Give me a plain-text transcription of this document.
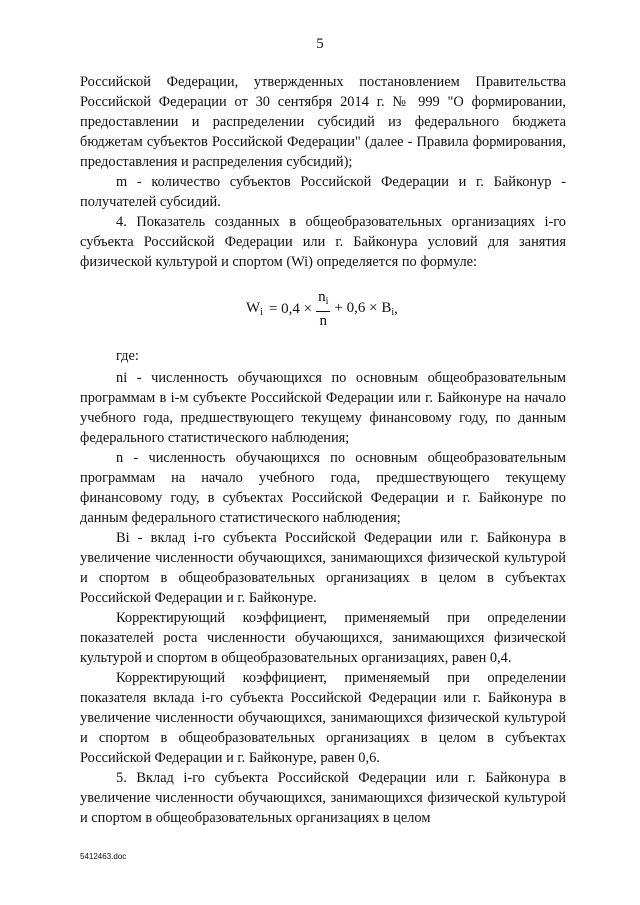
5

Российской Федерации, утвержденных постановлением Правительства Российской Федерации от 30 сентября 2014 г. № 999 "О формировании, предоставлении и распределении субсидий из федерального бюджета бюджетам субъектов Российской Федерации" (далее - Правила формирования, предоставления и распределения субсидий);

m - количество субъектов Российской Федерации и г. Байконур - получателей субсидий.

4. Показатель созданных в общеобразовательных организациях i-го субъекта Российской Федерации или г. Байконура условий для занятия физической культурой и спортом (Wi) определяется по формуле:

$W_i = 0,4 \times \frac{n_i}{n} + 0,6 \times B_i$ ,
где:

ni - численность обучающихся по основным общеобразовательным программам в i-м субъекте Российской Федерации или г. Байконуре на начало учебного года, предшествующего текущему финансовому году, по данным федерального статистического наблюдения;

n - численность обучающихся по основным общеобразовательным программам на начало учебного года, предшествующего текущему финансовому году, в субъектах Российской Федерации и г. Байконуре по данным федерального статистического наблюдения;

Bi - вклад i-го субъекта Российской Федерации или г. Байконура в увеличение численности обучающихся, занимающихся физической культурой и спортом в общеобразовательных организациях в целом в субъектах Российской Федерации и г. Байконуре.

Корректирующий коэффициент, применяемый при определении показателей роста численности обучающихся, занимающихся физической культурой и спортом в общеобразовательных организациях, равен 0,4.

Корректирующий коэффициент, применяемый при определении показателя вклада i-го субъекта Российской Федерации или г. Байконура в увеличение численности обучающихся, занимающихся физической культурой и спортом в общеобразовательных организациях в целом в субъектах Российской Федерации и г. Байконуре, равен 0,6.

5. Вклад i-го субъекта Российской Федерации или г. Байконура в увеличение численности обучающихся, занимающихся физической культурой и спортом в общеобразовательных организациях в целом

5412463.doc
